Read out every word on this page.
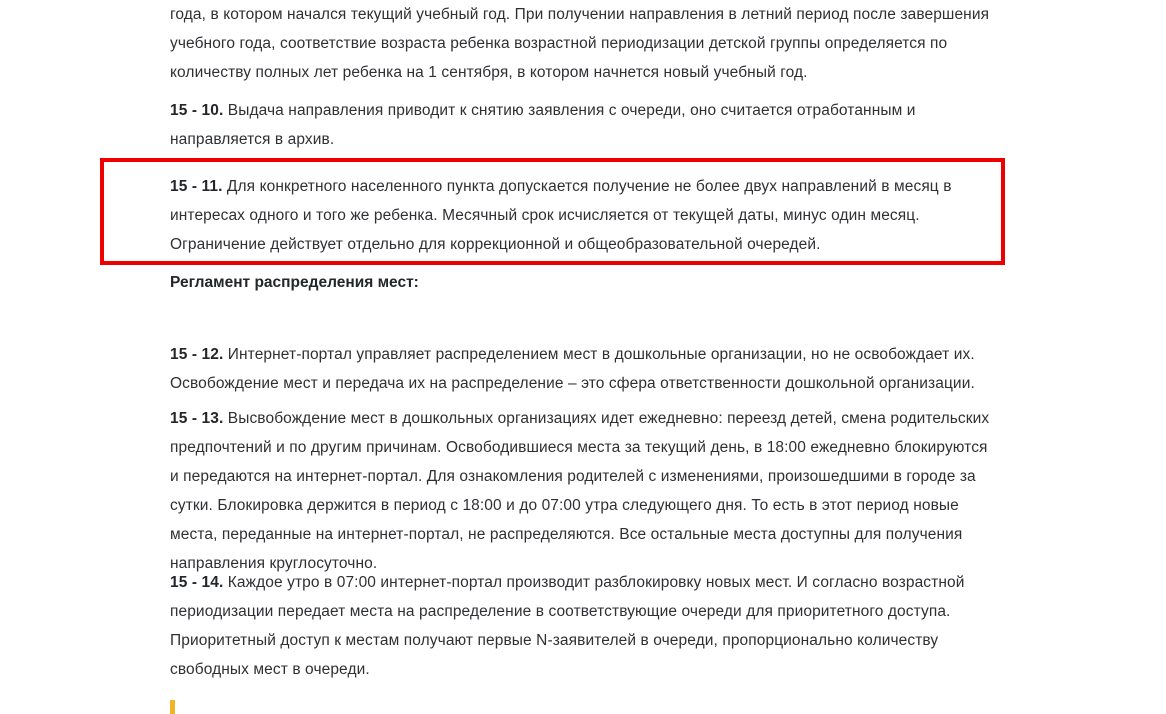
года, в котором начался текущий учебный год. При получении направления в летний период после завершения учебного года, соответствие возраста ребенка возрастной периодизации детской группы определяется по количеству полных лет ребенка на 1 сентября, в котором начнется новый учебный год.

15 - 10. Выдача направления приводит к снятию заявления с очереди, оно считается отработанным и направляется в архив.

15 - 11. Для конкретного населенного пункта допускается получение не более двух направлений в месяц в интересах одного и того же ребенка. Месячный срок исчисляется от текущей даты, минус один месяц. Ограничение действует отдельно для коррекционной и общеобразовательной очередей.

Регламент распределения мест:

15 - 12. Интернет-портал управляет распределением мест в дошкольные организации, но не освобождает их. Освобождение мест и передача их на распределение – это сфера ответственности дошкольной организации.

15 - 13. Высвобождение мест в дошкольных организациях идет ежедневно: переезд детей, смена родительских предпочтений и по другим причинам. Освободившиеся места за текущий день, в 18:00 ежедневно блокируются и передаются на интернет-портал. Для ознакомления родителей с изменениями, произошедшими в городе за сутки. Блокировка держится в период с 18:00 и до 07:00 утра следующего дня. То есть в этот период новые места, переданные на интернет-портал, не распределяются. Все остальные места доступны для получения направления круглосуточно.

15 - 14. Каждое утро в 07:00 интернет-портал производит разблокировку новых мест. И согласно возрастной периодизации передает места на распределение в соответствующие очереди для приоритетного доступа. Приоритетный доступ к местам получают первые N-заявителей в очереди, пропорционально количеству свободных мест в очереди.
